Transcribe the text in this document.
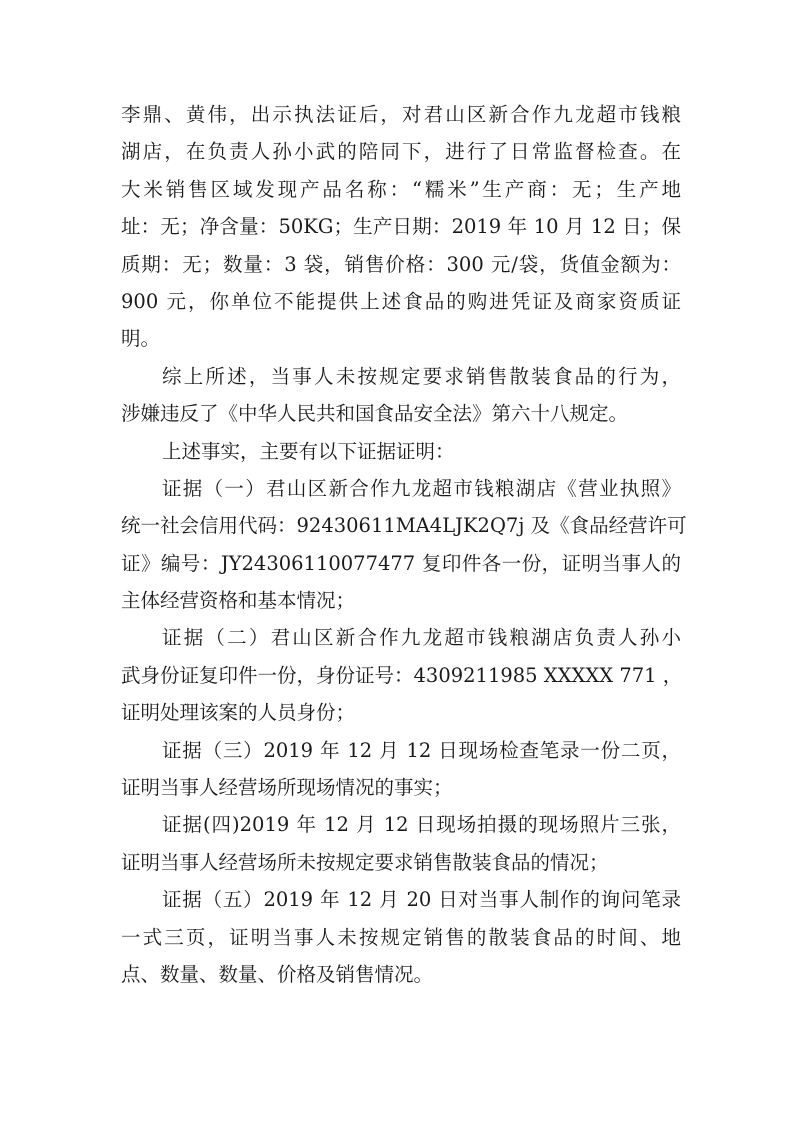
李鼎、黄伟，出示执法证后，对君山区新合作九龙超市钱粮
湖店，在负责人孙小武的陪同下，进行了日常监督检查。在
大米销售区域发现产品名称：“糯米”生产商：无；生产地
址：无；净含量：50KG；生产日期：2019 年 10 月 12 日；保
质期：无；数量：3 袋，销售价格：300 元/袋，货值金额为：
900 元，你单位不能提供上述食品的购进凭证及商家资质证
明。

综上所述，当事人未按规定要求销售散装食品的行为，
涉嫌违反了《中华人民共和国食品安全法》第六十八规定。

上述事实，主要有以下证据证明：

证据（一）君山区新合作九龙超市钱粮湖店《营业执照》
统一社会信用代码：92430611MA4LJK2Q7j 及《食品经营许可
证》编号：JY24306110077477 复印件各一份，证明当事人的
主体经营资格和基本情况；

证据（二）君山区新合作九龙超市钱粮湖店负责人孙小
武身份证复印件一份，身份证号：4309211985 XXXXX 771 ，
证明处理该案的人员身份；

证据（三）2019 年 12 月 12 日现场检查笔录一份二页，
证明当事人经营场所现场情况的事实；

证据(四)2019 年 12 月 12 日现场拍摄的现场照片三张，
证明当事人经营场所未按规定要求销售散装食品的情况；

证据（五）2019 年 12 月 20 日对当事人制作的询问笔录
一式三页，证明当事人未按规定销售的散装食品的时间、地
点、数量、数量、价格及销售情况。
